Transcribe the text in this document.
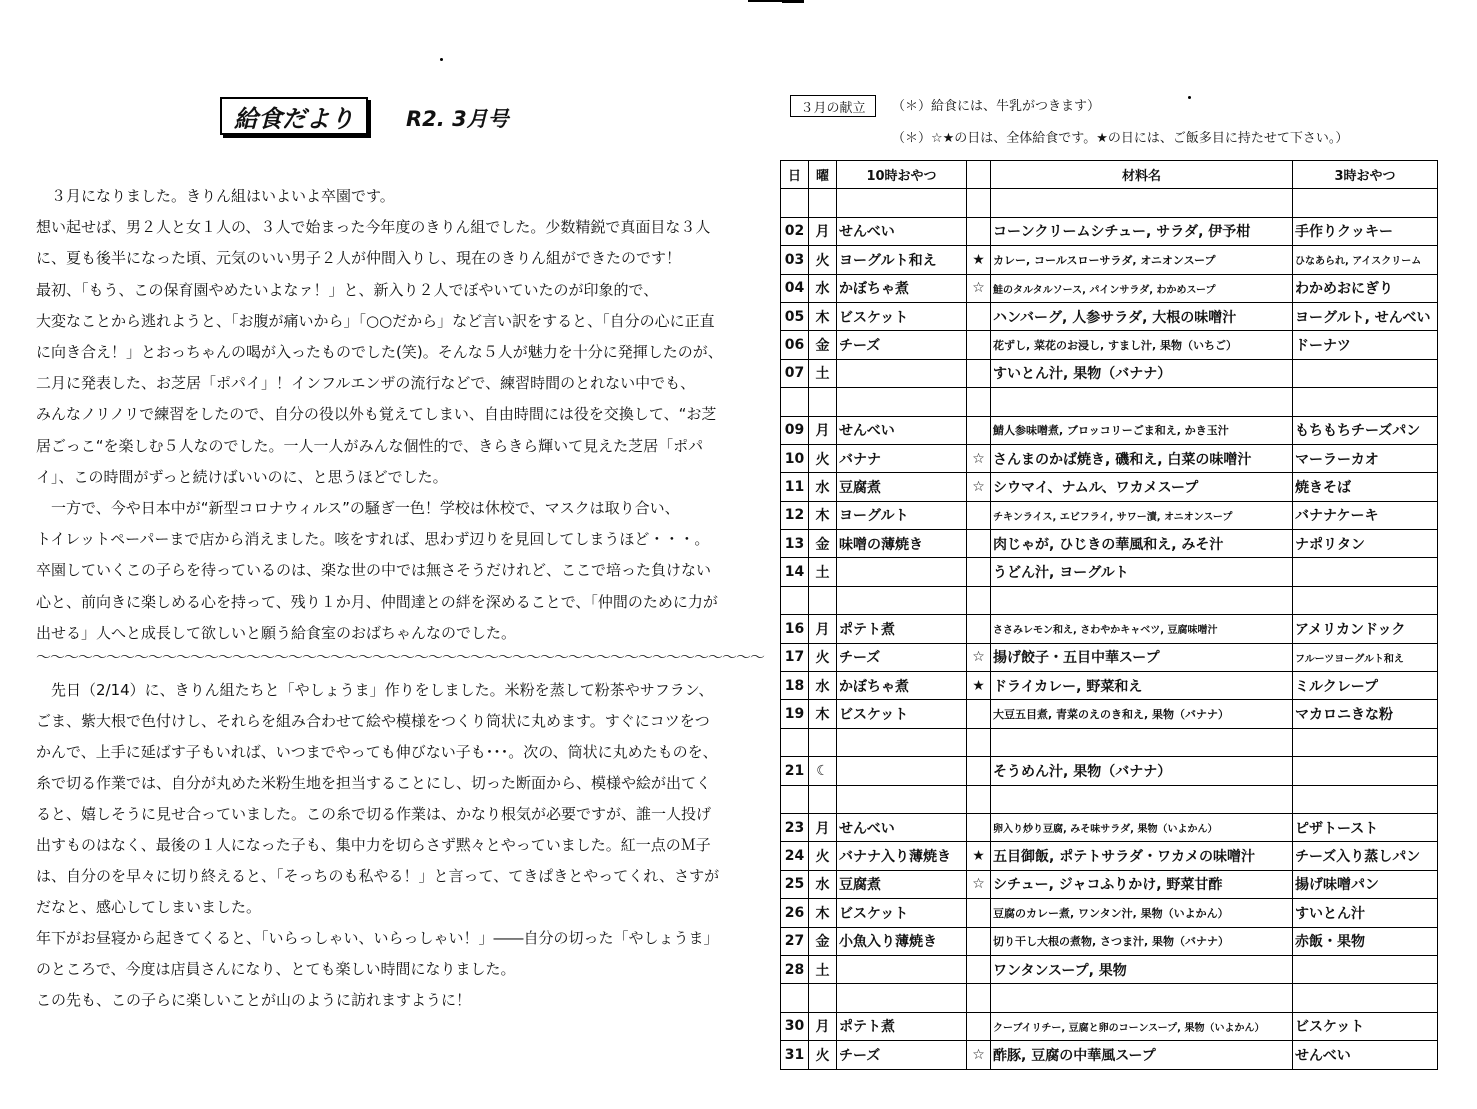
給食だより	R2. 3月号
　３月になりました。きりん組はいよいよ卒園です。
想い起せば、男２人と女１人の、３人で始まった今年度のきりん組でした。少数精鋭で真面目な３人
に、夏も後半になった頃、元気のいい男子２人が仲間入りし、現在のきりん組ができたのです！
最初、「もう、この保育園やめたいよなァ！」と、新入り２人でぼやいていたのが印象的で、
大変なことから逃れようと、「お腹が痛いから」「○○だから」など言い訳をすると、「自分の心に正直
に向き合え！」とおっちゃんの喝が入ったものでした(笑)。そんな５人が魅力を十分に発揮したのが、
二月に発表した、お芝居「ポパイ」！インフルエンザの流行などで、練習時間のとれない中でも、
みんなノリノリで練習をしたので、自分の役以外も覚えてしまい、自由時間には役を交換して、“お芝
居ごっこ“を楽しむ５人なのでした。一人一人がみんな個性的で、きらきら輝いて見えた芝居「ポパ
イ」、この時間がずっと続けばいいのに、と思うほどでした。
　一方で、今や日本中が“新型コロナウィルス”の騒ぎ一色！学校は休校で、マスクは取り合い、
トイレットペーパーまで店から消えました。咳をすれば、思わず辺りを見回してしまうほど・・・。
卒園していくこの子らを待っているのは、楽な世の中では無さそうだけれど、ここで培った負けない
心と、前向きに楽しめる心を持って、残り１か月、仲間達との絆を深めることで、「仲間のために力が
出せる」人へと成長して欲しいと願う給食室のおばちゃんなのでした。
～～～～～～～～～～～～～～～～～～～～～～～～～～～～～～～～～～～～～～～～～～～～～～～～～～～～
　先日（2/14）に、きりん組たちと「やしょうま」作りをしました。米粉を蒸して粉茶やサフラン、
ごま、紫大根で色付けし、それらを組み合わせて絵や模様をつくり筒状に丸めます。すぐにコツをつ
かんで、上手に延ばす子もいれば、いつまでやっても伸びない子も･･･。次の、筒状に丸めたものを、
糸で切る作業では、自分が丸めた米粉生地を担当することにし、切った断面から、模様や絵が出てく
ると、嬉しそうに見せ合っていました。この糸で切る作業は、かなり根気が必要ですが、誰一人投げ
出すものはなく、最後の１人になった子も、集中力を切らさず黙々とやっていました。紅一点のＭ子
は、自分のを早々に切り終えると、「そっちのも私やる！」と言って、てきぱきとやってくれ、さすが
だなと、感心してしまいました。
年下がお昼寝から起きてくると、「いらっしゃい、いらっしゃい！」――自分の切った「やしょうま」
のところで、今度は店員さんになり、とても楽しい時間になりました。
この先も、この子らに楽しいことが山のように訪れますように！
３月の献立	（＊）給食には、牛乳がつきます）
（＊）☆★の日は、全体給食です。★の日には、ご飯多目に持たせて下さい。）
日	曜	10時おやつ		材料名	3時おやつ

02	月	せんべい		コーンクリームシチュー, サラダ, 伊予柑	手作りクッキー
03	火	ヨーグルト和え	★	カレー, コールスローサラダ, オニオンスープ	ひなあられ, アイスクリーム
04	水	かぼちゃ煮	☆	鮭のタルタルソース, パインサラダ, わかめスープ	わかめおにぎり
05	木	ビスケット		ハンバーグ, 人参サラダ, 大根の味噌汁	ヨーグルト, せんべい
06	金	チーズ		花ずし, 菜花のお浸し, すまし汁, 果物（いちご）	ドーナツ
07	土			すいとん汁, 果物（バナナ）	

09	月	せんべい		鯖人参味噌煮, ブロッコリーごま和え, かき玉汁	もちもちチーズパン
10	火	バナナ	☆	さんまのかば焼き, 磯和え, 白菜の味噌汁	マーラーカオ
11	水	豆腐煮	☆	シウマイ、ナムル、ワカメスープ	焼きそば
12	木	ヨーグルト		チキンライス, エビフライ, サワー漬, オニオンスープ	バナナケーキ
13	金	味噌の薄焼き		肉じゃが, ひじきの華風和え, みそ汁	ナポリタン
14	土			うどん汁, ヨーグルト	

16	月	ポテト煮		ささみレモン和え, さわやかキャベツ, 豆腐味噌汁	アメリカンドック
17	火	チーズ	☆	揚げ餃子・五目中華スープ	フルーツヨーグルト和え
18	水	かぼちゃ煮	★	ドライカレー, 野菜和え	ミルクレープ
19	木	ビスケット		大豆五目煮, 青菜のえのき和え, 果物（バナナ）	マカロニきな粉

21	☾			そうめん汁, 果物（バナナ）	

23	月	せんべい		卵入り炒り豆腐, みそ味サラダ, 果物（いよかん）	ピザトースト
24	火	バナナ入り薄焼き	★	五目御飯, ポテトサラダ・ワカメの味噌汁	チーズ入り蒸しパン
25	水	豆腐煮	☆	シチュー, ジャコふりかけ, 野菜甘酢	揚げ味噌パン
26	木	ビスケット		豆腐のカレー煮, ワンタン汁, 果物（いよかん）	すいとん汁
27	金	小魚入り薄焼き		切り干し大根の煮物, さつま汁, 果物（バナナ）	赤飯・果物
28	土			ワンタンスープ, 果物	

30	月	ポテト煮		クーブイリチー, 豆腐と卵のコーンスープ, 果物（いよかん）	ビスケット
31	火	チーズ	☆	酢豚, 豆腐の中華風スープ	せんべい
